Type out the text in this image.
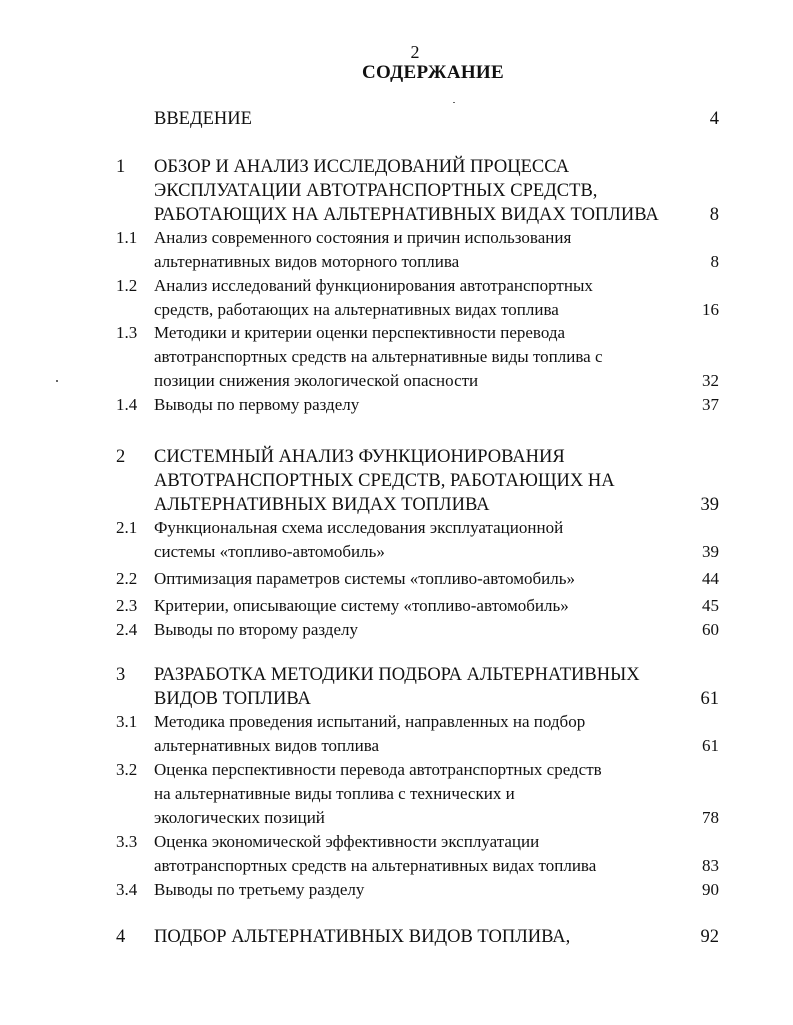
2
СОДЕРЖАНИЕ
ВВЕДЕНИЕ	4
1 ОБЗОР И АНАЛИЗ ИССЛЕДОВАНИЙ ПРОЦЕССА
ЭКСПЛУАТАЦИИ АВТОТРАНСПОРТНЫХ СРЕДСТВ,
РАБОТАЮЩИХ НА АЛЬТЕРНАТИВНЫХ ВИДАХ ТОПЛИВА	8
1.1 Анализ современного состояния и причин использования
альтернативных видов моторного топлива	8
1.2 Анализ исследований функционирования автотранспортных
средств, работающих на альтернативных видах топлива	16
1.3 Методики и критерии оценки перспективности перевода
автотранспортных средств на альтернативные виды топлива с
позиции снижения экологической опасности	32
1.4 Выводы по первому разделу	37
2 СИСТЕМНЫЙ АНАЛИЗ ФУНКЦИОНИРОВАНИЯ
АВТОТРАНСПОРТНЫХ СРЕДСТВ, РАБОТАЮЩИХ НА
АЛЬТЕРНАТИВНЫХ ВИДАХ ТОПЛИВА	39
2.1 Функциональная схема исследования эксплуатационной
системы «топливо-автомобиль»	39
2.2 Оптимизация параметров системы «топливо-автомобиль»	44
2.3 Критерии, описывающие систему «топливо-автомобиль»	45
2.4 Выводы по второму разделу	60
3 РАЗРАБОТКА МЕТОДИКИ ПОДБОРА АЛЬТЕРНАТИВНЫХ
ВИДОВ ТОПЛИВА	61
3.1 Методика проведения испытаний, направленных на подбор
альтернативных видов топлива	61
3.2 Оценка перспективности перевода автотранспортных средств
на альтернативные виды топлива с технических и
экологических позиций	78
3.3 Оценка экономической эффективности эксплуатации
автотранспортных средств на альтернативных видах топлива	83
3.4 Выводы по третьему разделу	90
4 ПОДБОР АЛЬТЕРНАТИВНЫХ ВИДОВ ТОПЛИВА,	92
